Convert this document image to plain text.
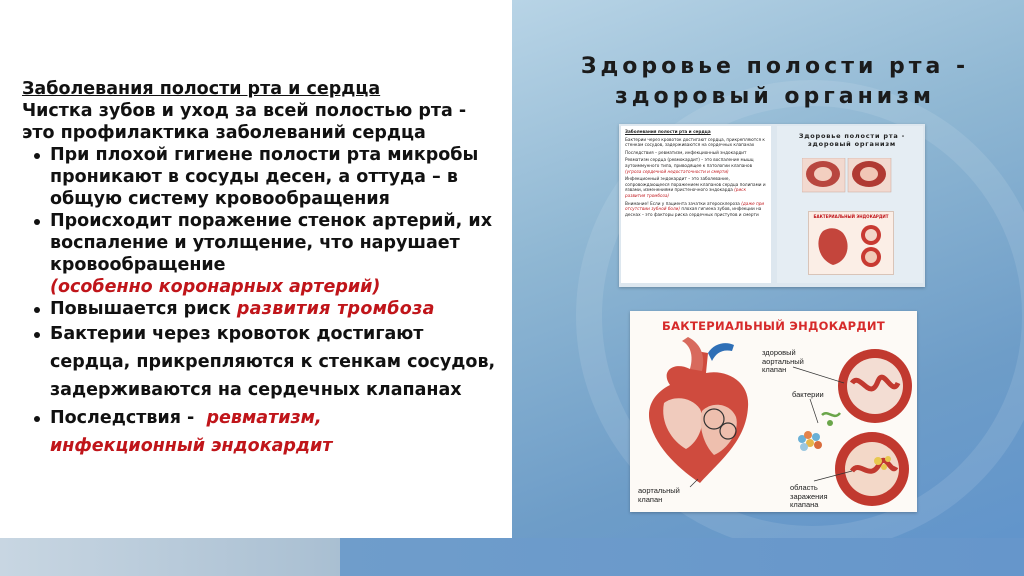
Заболевания полости рта и сердца

Чистка зубов и уход за всей полостью рта - это профилактика заболеваний сердца

При плохой гигиене полости рта микробы проникают в сосуды десен, а оттуда – в общую систему кровообращения
Происходит поражение стенок артерий, их воспаление и утолщение, что нарушает кровообращение
(особенно коронарных артерий)
Повышается риск развития тромбоза
Бактерии через кровоток достигают сердца, прикрепляются к стенкам сосудов, задерживаются на сердечных клапанах
Последствия - ревматизм,
инфекционный эндокардит
Здоровье полости рта -
здоровый организм

Заболевания полости рта и сердца

Бактерии через кровоток достигают сердца, прикрепляются к стенкам сосудов, задерживаются на сердечных клапанах

Последствия – ревматизм, инфекционный эндокардит

Ревматизм сердца (ревмокардит) – это воспаление мышц аутоиммунного типа, приводящее к патологии клапанов (угроза сердечной недостаточности и смерти)

Инфекционный эндокардит – это заболевание, сопровождающееся поражением клапанов сердца полипами и язвами, изменениями пристеночного эндокарда (риск развития тромбоза)

Внимание! Если у пациента зачатки атеросклероза (даже при отсутствии зубной боли) плохая гигиена зубов, инфекции на деснах – это факторы риска сердечных приступов и смерти

Здоровье полости рта -
здоровый организм
БАКТЕРИАЛЬНЫЙ ЭНДОКАРДИТ
БАКТЕРИАЛЬНЫЙ ЭНДОКАРДИТ
здоровый
аортальный
клапан
бактерии
аортальный
клапан
область
заражения
клапана
